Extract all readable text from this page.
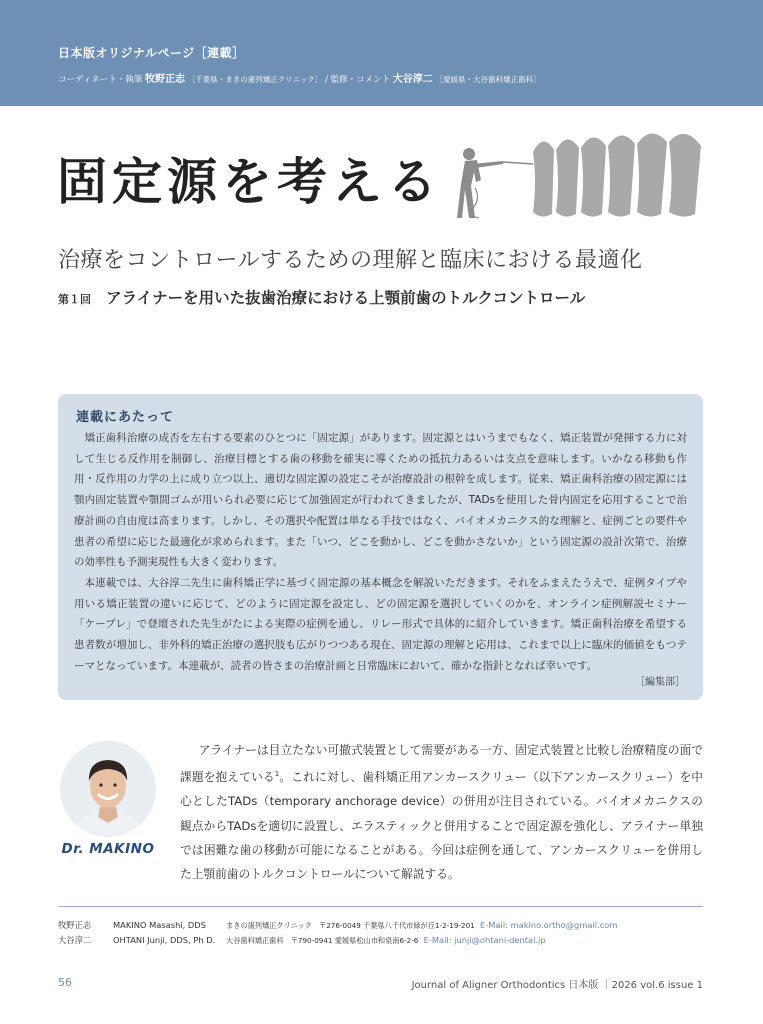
日本版オリジナルページ［連載］
コーディネート・執筆 牧野正志 ［千葉県・まきの歯列矯正クリニック］ / 監修・コメント 大谷淳二 ［愛媛県・大谷歯科矯正歯科］
固定源を考える
治療をコントロールするための理解と臨床における最適化
第１回 アライナーを用いた抜歯治療における上顎前歯のトルクコントロール
連載にあたって

矯正歯科治療の成否を左右する要素のひとつに「固定源」があります。固定源とはいうまでもなく、矯正装置が発揮する力に対して生じる反作用を制御し、治療目標とする歯の移動を確実に導くための抵抗力あるいは支点を意味します。いかなる移動も作用・反作用の力学の上に成り立つ以上、適切な固定源の設定こそが治療設計の根幹を成します。従来、矯正歯科治療の固定源には顎内固定装置や顎間ゴムが用いられ必要に応じて加強固定が行われてきましたが、TADsを使用した骨内固定を応用することで治療計画の自由度は高まります。しかし、その選択や配置は単なる手技ではなく、バイオメカニクス的な理解と、症例ごとの要件や患者の希望に応じた最適化が求められます。また「いつ、どこを動かし、どこを動かさないか」という固定源の設計次第で、治療の効率性も予測実現性も大きく変わります。

本連載では、大谷淳二先生に歯科矯正学に基づく固定源の基本概念を解説いただきます。それをふまえたうえで、症例タイプや用いる矯正装置の違いに応じて、どのように固定源を設定し、どの固定源を選択していくのかを、オンライン症例解説セミナー「ケープレ」で登壇された先生がたによる実際の症例を通し、リレー形式で具体的に紹介していきます。矯正歯科治療を希望する患者数が増加し、非外科的矯正治療の選択肢も広がりつつある現在、固定源の理解と応用は、これまで以上に臨床的価値をもつテーマとなっています。本連載が、読者の皆さまの治療計画と日常臨床において、確かな指針となれば幸いです。

［編集部］
Dr. MAKINO

アライナーは目立たない可撤式装置として需要がある一方、固定式装置と比較し治療精度の面で課題を抱えている$^1$。これに対し、歯科矯正用アンカースクリュー（以下アンカースクリュー）を中心としたTADs（temporary anchorage device）の併用が注目されている。バイオメカニクスの観点からTADsを適切に設置し、エラスティックと併用することで固定源を強化し、アライナー単独では困難な歯の移動が可能になることがある。今回は症例を通して、アンカースクリューを併用した上顎前歯のトルクコントロールについて解説する。

牧野正志	MAKINO Masashi, DDS	まきの歯列矯正クリニック　〒276-0049 千葉県八千代市緑が丘1-2-19-201 E-Mail: makino.ortho@gmail.com
大谷淳二	OHTANI Junji, DDS, Ph D. 大谷歯科矯正歯科　〒790-0941 愛媛県松山市和泉南6-2-6 E-Mail: junji@ohtani-dental.jp
56	Journal of Aligner Orthodontics 日本版 ｜2026 vol.6 issue 1
